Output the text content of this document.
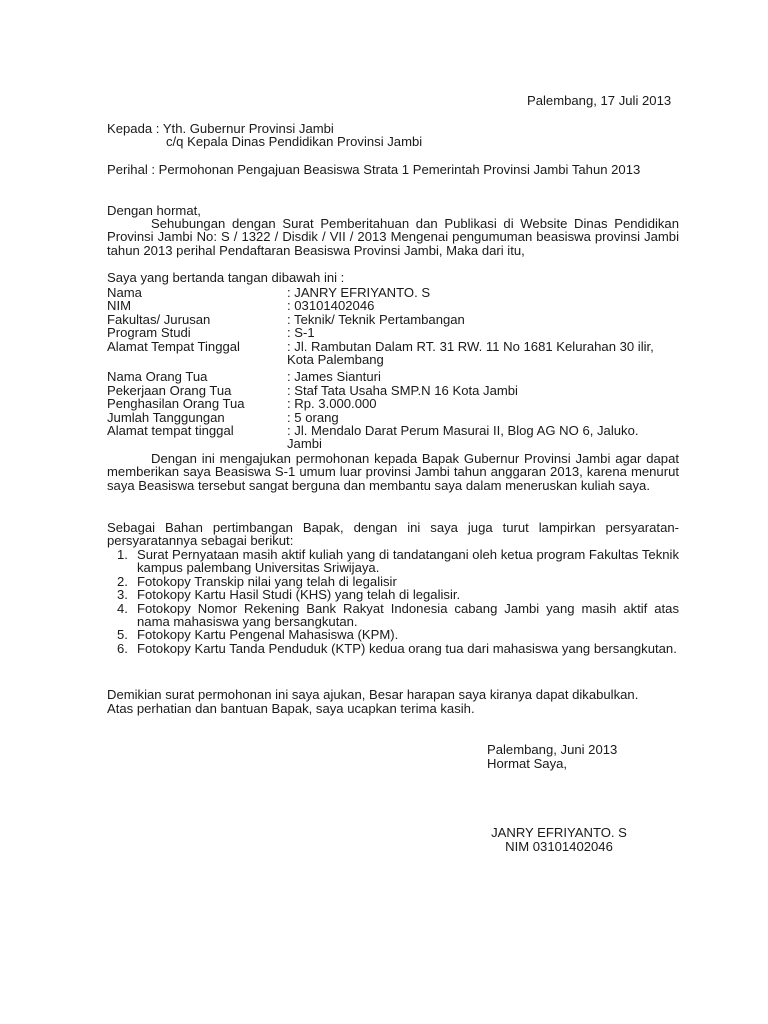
Palembang, 17 Juli 2013
Kepada : Yth. Gubernur Provinsi Jambi
c/q Kepala Dinas Pendidikan Provinsi Jambi
Perihal : Permohonan Pengajuan Beasiswa Strata 1 Pemerintah Provinsi Jambi Tahun 2013
Dengan hormat,
Sehubungan dengan Surat Pemberitahuan dan Publikasi di Website Dinas Pendidikan Provinsi Jambi No: S / 1322 / Disdik / VII / 2013 Mengenai pengumuman beasiswa provinsi Jambi tahun 2013 perihal Pendaftaran Beasiswa Provinsi Jambi, Maka dari itu,
Saya yang bertanda tangan dibawah ini :
Nama	: JANRY EFRIYANTO. S
NIM	: 03101402046
Fakultas/ Jurusan	: Teknik/ Teknik Pertambangan
Program Studi	: S-1
Alamat Tempat Tinggal	: Jl. Rambutan Dalam RT. 31 RW. 11 No 1681 Kelurahan 30 ilir,
Kota Palembang
Nama Orang Tua	: James Sianturi
Pekerjaan Orang Tua	: Staf Tata Usaha SMP.N 16 Kota Jambi
Penghasilan Orang Tua	: Rp. 3.000.000
Jumlah Tanggungan	: 5 orang
Alamat tempat tinggal	: Jl. Mendalo Darat Perum Masurai II, Blog AG NO 6, Jaluko.
Jambi
Dengan ini mengajukan permohonan kepada Bapak Gubernur Provinsi Jambi agar dapat memberikan saya Beasiswa S-1 umum luar provinsi Jambi tahun anggaran 2013, karena menurut saya Beasiswa tersebut sangat berguna dan membantu saya dalam meneruskan kuliah saya.
Sebagai Bahan pertimbangan Bapak, dengan ini saya juga turut lampirkan persyaratan-persyaratannya sebagai berikut:
1. Surat Pernyataan masih aktif kuliah yang di tandatangani oleh ketua program Fakultas Teknik kampus palembang Universitas Sriwijaya.
2. Fotokopy Transkip nilai yang telah di legalisir
3. Fotokopy Kartu Hasil Studi (KHS) yang telah di legalisir.
4. Fotokopy Nomor Rekening Bank Rakyat Indonesia cabang Jambi yang masih aktif atas nama mahasiswa yang bersangkutan.
5. Fotokopy Kartu Pengenal Mahasiswa (KPM).
6. Fotokopy Kartu Tanda Penduduk (KTP) kedua orang tua dari mahasiswa yang bersangkutan.
Demikian surat permohonan ini saya ajukan, Besar harapan saya kiranya dapat dikabulkan.
Atas perhatian dan bantuan Bapak, saya ucapkan terima kasih.
Palembang, Juni 2013
Hormat Saya,
JANRY EFRIYANTO. S
NIM 03101402046
